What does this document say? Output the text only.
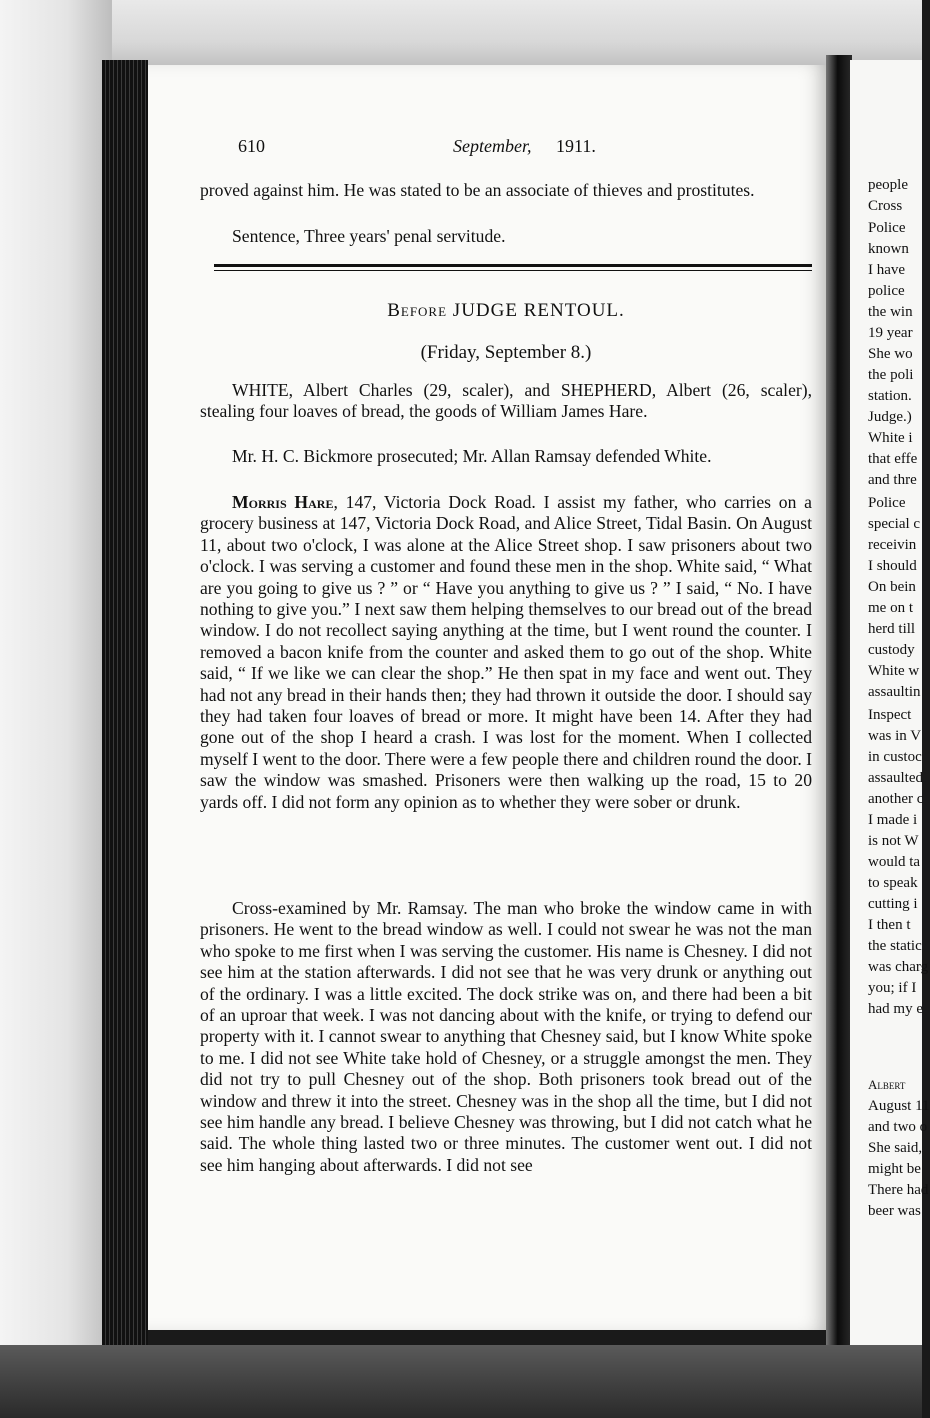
610	September, 1911.
proved against him. He was stated to be an associate of thieves and prostitutes.
Sentence, Three years' penal servitude.
Before JUDGE RENTOUL.
(Friday, September 8.)
WHITE, Albert Charles (29, scaler), and SHEPHERD, Albert (26, scaler), stealing four loaves of bread, the goods of William James Hare.
Mr. H. C. Bickmore prosecuted; Mr. Allan Ramsay defended White.
Morris Hare, 147, Victoria Dock Road. I assist my father, who carries on a grocery business at 147, Victoria Dock Road, and Alice Street, Tidal Basin. On August 11, about two o'clock, I was alone at the Alice Street shop. I saw prisoners about two o'clock. I was serving a customer and found these men in the shop. White said, “ What are you going to give us ? ” or “ Have you anything to give us ? ” I said, “ No. I have nothing to give you.” I next saw them helping themselves to our bread out of the bread window. I do not recollect saying anything at the time, but I went round the counter. I removed a bacon knife from the counter and asked them to go out of the shop. White said, “ If we like we can clear the shop.” He then spat in my face and went out. They had not any bread in their hands then; they had thrown it outside the door. I should say they had taken four loaves of bread or more. It might have been 14. After they had gone out of the shop I heard a crash. I was lost for the moment. When I collected myself I went to the door. There were a few people there and children round the door. I saw the window was smashed. Prisoners were then walking up the road, 15 to 20 yards off. I did not form any opinion as to whether they were sober or drunk.
Cross-examined by Mr. Ramsay. The man who broke the window came in with prisoners. He went to the bread window as well. I could not swear he was not the man who spoke to me first when I was serving the customer. His name is Chesney. I did not see him at the station afterwards. I did not see that he was very drunk or anything out of the ordinary. I was a little excited. The dock strike was on, and there had been a bit of an uproar that week. I was not dancing about with the knife, or trying to defend our property with it. I cannot swear to anything that Chesney said, but I know White spoke to me. I did not see White take hold of Chesney, or a struggle amongst the men. They did not try to pull Chesney out of the shop. Both prisoners took bread out of the window and threw it into the street. Chesney was in the shop all the time, but I did not see him handle any bread. I believe Chesney was throwing, but I did not catch what he said. The whole thing lasted two or three minutes. The customer went out. I did not see him hanging about afterwards. I did not see
people
Cross
Police
known
I have
police
the win
19 year
She wo
the poli
station.
Judge.)
White i
that effe
and thre
Police
special c
receivin
I should
On bein
me on t
herd till
custody
White w
assaultin
Inspect
was in V
in custoc
assaulted
another c
I made i
is not W
would ta
to speak
cutting i
I then t
the static
was charg
you; if I
had my e
Albert
August 11
and two o
She said,
might be
There had
beer was
